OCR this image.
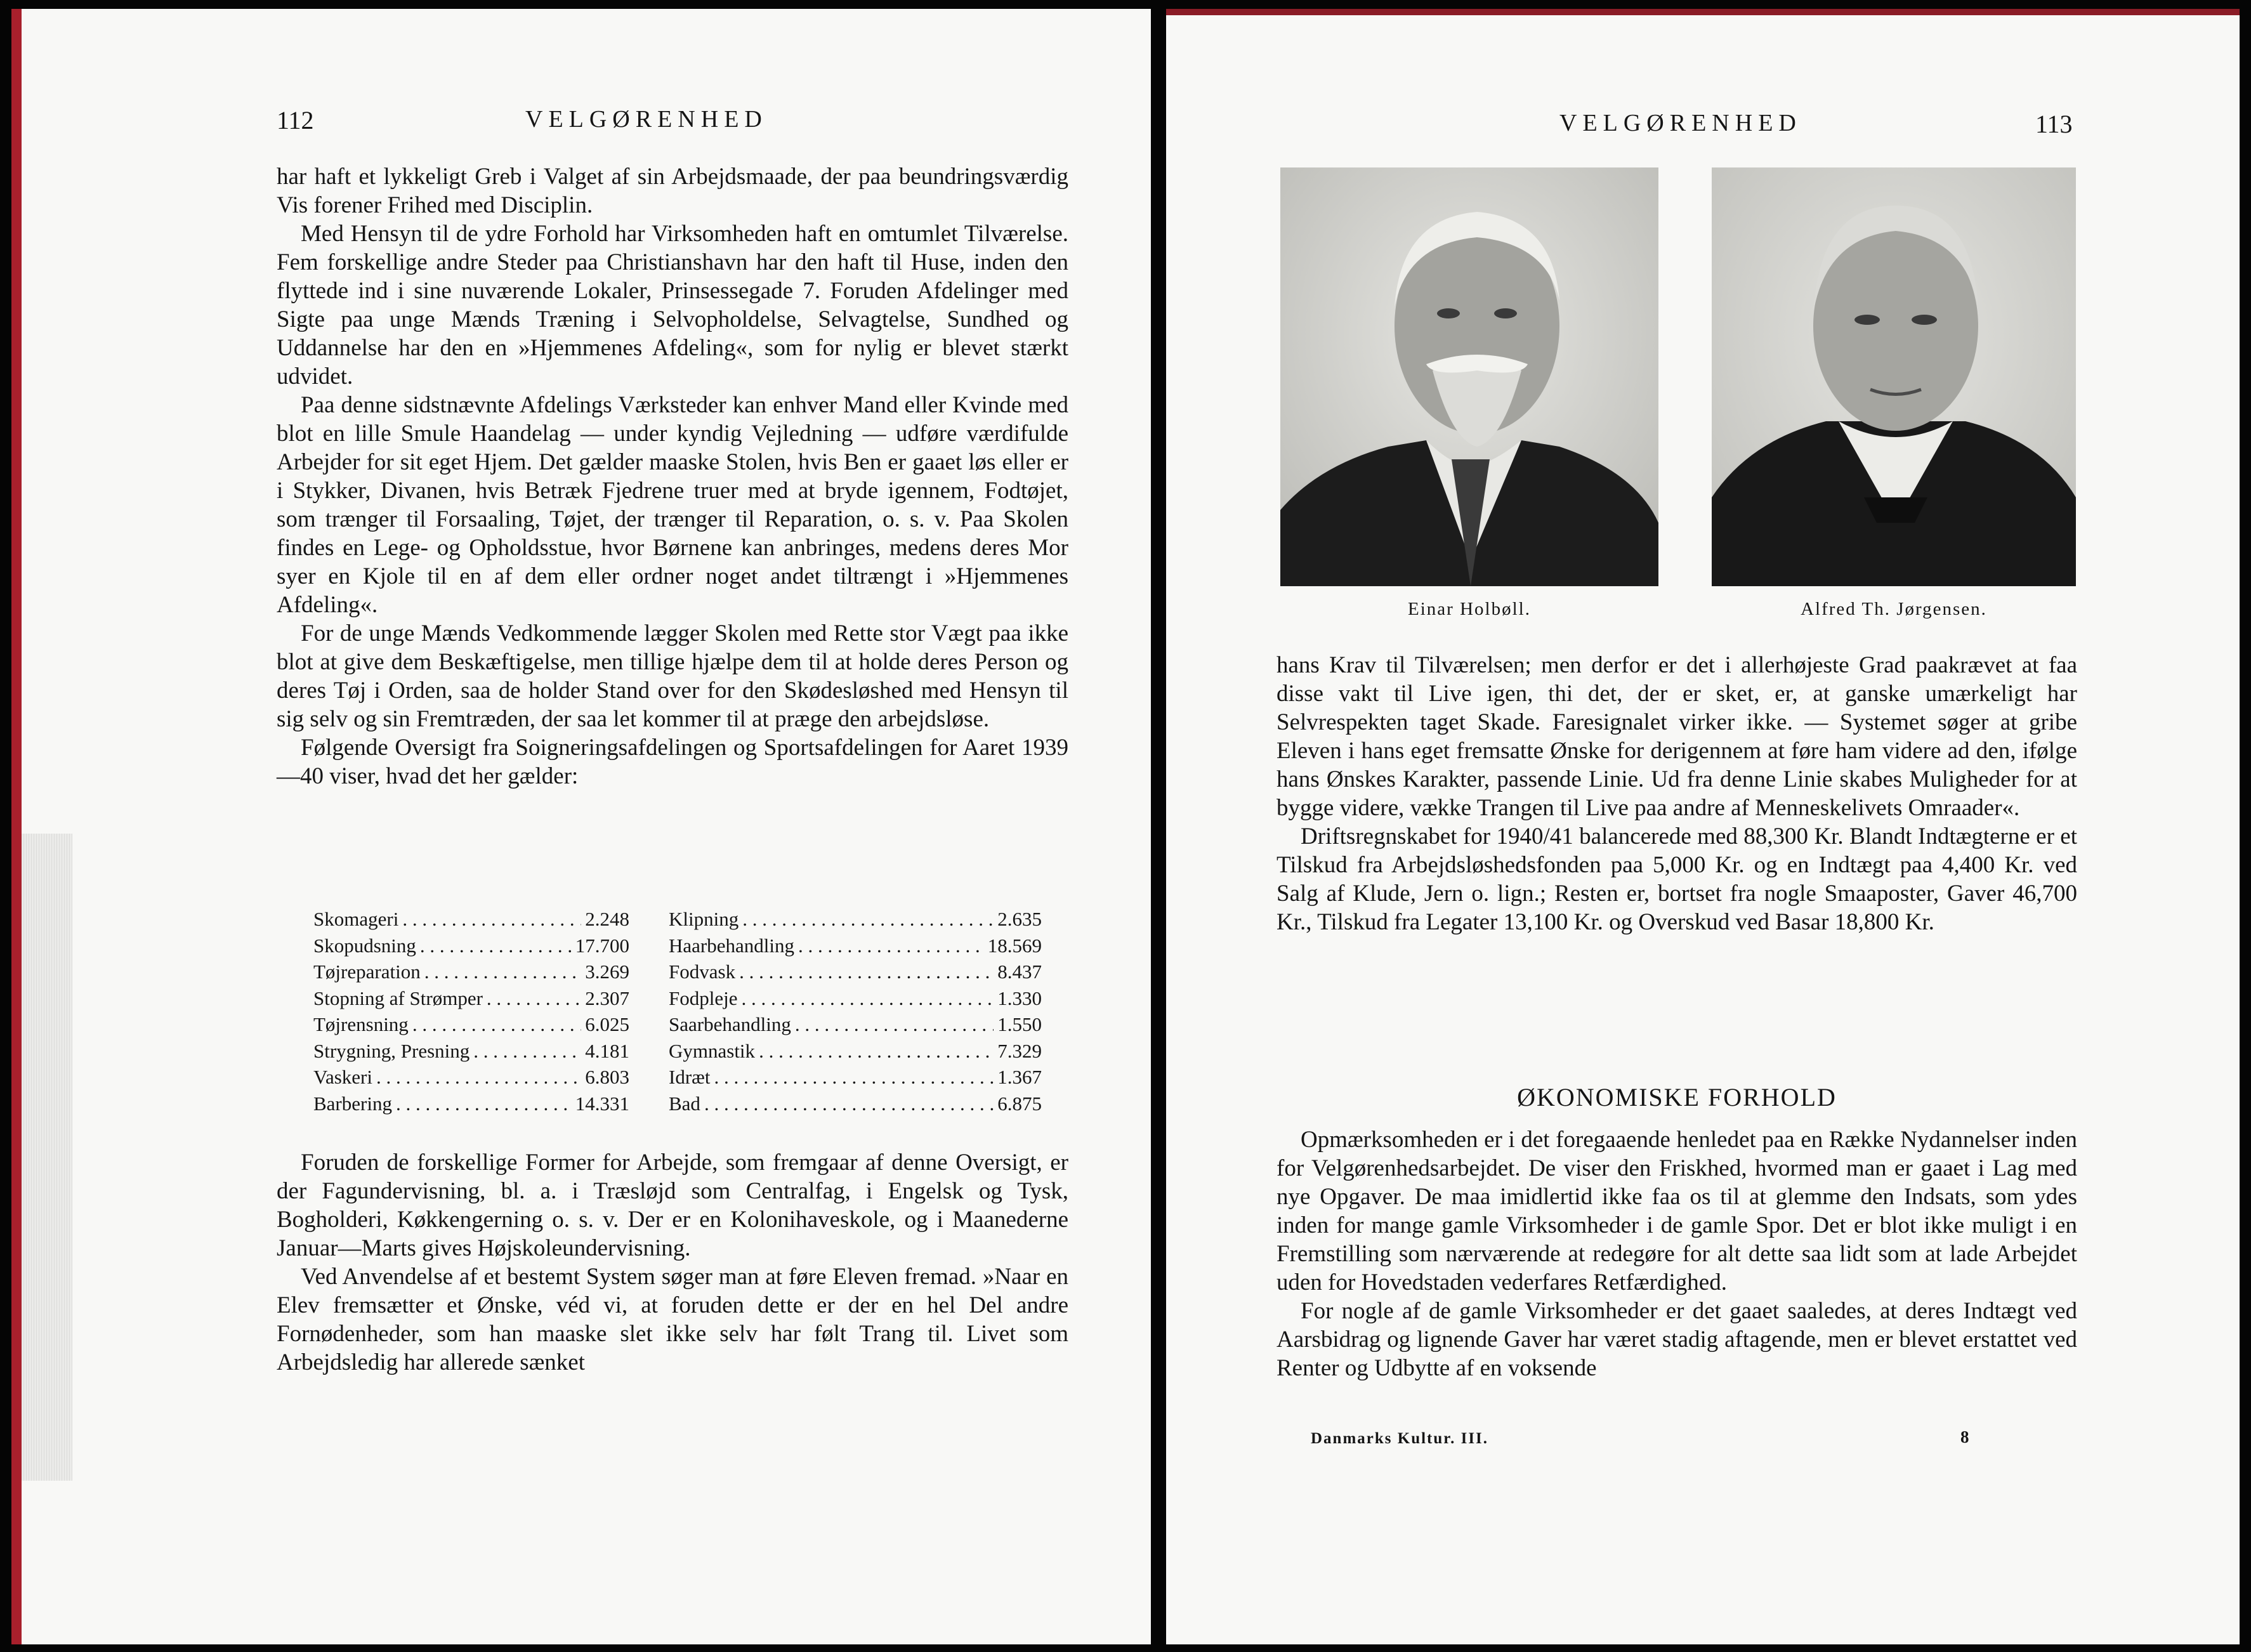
112	VELGØRENHED

har haft et lykkeligt Greb i Valget af sin Arbejdsmaade, der paa beundringsværdig Vis forener Frihed med Disciplin.

Med Hensyn til de ydre Forhold har Virksomheden haft en omtumlet Tilværelse. Fem forskellige andre Steder paa Christianshavn har den haft til Huse, inden den flyttede ind i sine nuværende Lokaler, Prinsessegade 7. Foruden Afdelinger med Sigte paa unge Mænds Træning i Selvopholdelse, Selvagtelse, Sundhed og Uddannelse har den en »Hjemmenes Afdeling«, som for nylig er blevet stærkt udvidet.

Paa denne sidstnævnte Afdelings Værksteder kan enhver Mand eller Kvinde med blot en lille Smule Haandelag — under kyndig Vejledning — udføre værdifulde Arbejder for sit eget Hjem. Det gælder maaske Stolen, hvis Ben er gaaet løs eller er i Stykker, Divanen, hvis Betræk Fjedrene truer med at bryde igennem, Fodtøjet, som trænger til Forsaaling, Tøjet, der trænger til Reparation, o. s. v. Paa Skolen findes en Lege- og Opholdsstue, hvor Børnene kan anbringes, medens deres Mor syer en Kjole til en af dem eller ordner noget andet tiltrængt i »Hjemmenes Afdeling«.

For de unge Mænds Vedkommende lægger Skolen med Rette stor Vægt paa ikke blot at give dem Beskæftigelse, men tillige hjælpe dem til at holde deres Person og deres Tøj i Orden, saa de holder Stand over for den Skødesløshed med Hensyn til sig selv og sin Fremtræden, der saa let kommer til at præge den arbejdsløse.

Følgende Oversigt fra Soigneringsafdelingen og Sportsafdelingen for Aaret 1939—40 viser, hvad det her gælder:

Skomageri . . .	2.248
Skopudsning . . .	17.700
Tøjreparation . . .	3.269
Stopning af Strømper . . .	2.307
Tøjrensning . . .	6.025
Strygning, Presning . . .	4.181
Vaskeri . . .	6.803
Barbering . . .	14.331
Klipning . . .	2.635
Haarbehandling . . .	18.569
Fodvask . . .	8.437
Fodpleje . . .	1.330
Saarbehandling . . .	1.550
Gymnastik . . .	7.329
Idræt . . .	1.367
Bad . . .	6.875

Foruden de forskellige Former for Arbejde, som fremgaar af denne Oversigt, er der Fagundervisning, bl. a. i Træsløjd som Centralfag, i Engelsk og Tysk, Bogholderi, Køkkengerning o. s. v. Der er en Kolonihaveskole, og i Maanederne Januar—Marts gives Højskoleundervisning.

Ved Anvendelse af et bestemt System søger man at føre Eleven fremad. »Naar en Elev fremsætter et Ønske, véd vi, at foruden dette er der en hel Del andre Fornødenheder, som han maaske slet ikke selv har følt Trang til. Livet som Arbejdsledig har allerede sænket

VELGØRENHED	113
Einar Holbøll.	Alfred Th. Jørgensen.

hans Krav til Tilværelsen; men derfor er det i allerhøjeste Grad paakrævet at faa disse vakt til Live igen, thi det, der er sket, er, at ganske umærkeligt har Selvrespekten taget Skade. Faresignalet virker ikke. — Systemet søger at gribe Eleven i hans eget fremsatte Ønske for derigennem at føre ham videre ad den, ifølge hans Ønskes Karakter, passende Linie. Ud fra denne Linie skabes Muligheder for at bygge videre, vække Trangen til Live paa andre af Menneskelivets Omraader«.

Driftsregnskabet for 1940/41 balancerede med 88,300 Kr. Blandt Indtægterne er et Tilskud fra Arbejdsløshedsfonden paa 5,000 Kr. og en Indtægt paa 4,400 Kr. ved Salg af Klude, Jern o. lign.; Resten er, bortset fra nogle Smaaposter, Gaver 46,700 Kr., Tilskud fra Legater 13,100 Kr. og Overskud ved Basar 18,800 Kr.

ØKONOMISKE FORHOLD

Opmærksomheden er i det foregaaende henledet paa en Række Nydannelser inden for Velgørenhedsarbejdet. De viser den Friskhed, hvormed man er gaaet i Lag med nye Opgaver. De maa imidlertid ikke faa os til at glemme den Indsats, som ydes inden for mange gamle Virksomheder i de gamle Spor. Det er blot ikke muligt i en Fremstilling som nærværende at redegøre for alt dette saa lidt som at lade Arbejdet uden for Hovedstaden vederfares Retfærdighed.

For nogle af de gamle Virksomheder er det gaaet saaledes, at deres Indtægt ved Aarsbidrag og lignende Gaver har været stadig aftagende, men er blevet erstattet ved Renter og Udbytte af en voksende

Danmarks Kultur. III.	8
